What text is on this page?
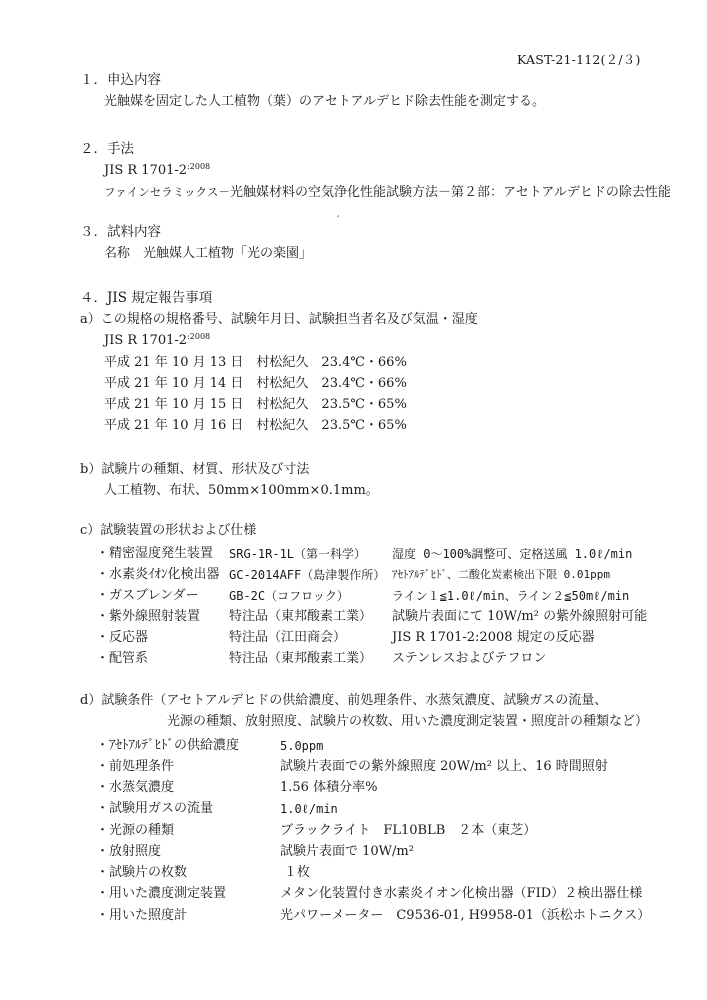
KAST-21-112(２/３)
１．申込内容
光触媒を固定した人工植物（葉）のアセトアルデヒド除去性能を測定する。
２．手法
JIS R $1701-2^{:2008}$
ファインセラミックス－光触媒材料の空気浄化性能試験方法－第２部：アセトアルデヒドの除去性能
′
３．試料内容
名称　光触媒人工植物「光の楽園」
４．JIS 規定報告事項
a）この規格の規格番号、試験年月日、試験担当者名及び気温・湿度
JIS R $1701-2^{:2008}$
平成 21 年 10 月 13 日　村松紀久　23.4℃・66%
平成 21 年 10 月 14 日　村松紀久　23.4℃・66%
平成 21 年 10 月 15 日　村松紀久　23.5℃・65%
平成 21 年 10 月 16 日　村松紀久　23.5℃・65%
b）試験片の種類、材質、形状及び寸法
人工植物、布状、50mm×100mm×0.1mm。
c）試験装置の形状および仕様
・精密湿度発生装置 SRG-1R-1L（第一科学） 湿度 0～100%調整可、定格送風 1.0ℓ/min
・水素炎ｲｵﾝ化検出器 GC-2014AFF（島津製作所） ｱｾﾄｱﾙﾃﾞﾋﾄﾞ、二酸化炭素検出下限 0.01ppm
・ガスブレンダー	GB-2C（コフロック）	ライン１≦1.0ℓ/min、ライン２≦50mℓ/min
・紫外線照射装置 特注品（東邦酸素工業） 試験片表面にて 10W/m² の紫外線照射可能
・反応器	特注品（江田商会）	JIS R 1701-2:2008 規定の反応器
・配管系	特注品（東邦酸素工業） ステンレスおよびテフロン
d）試験条件（アセトアルデヒドの供給濃度、前処理条件、水蒸気濃度、試験ガスの流量、
光源の種類、放射照度、試験片の枚数、用いた濃度測定装置・照度計の種類など）
・ｱｾﾄｱﾙﾃﾞﾋﾄﾞの供給濃度	5.0ppm
・前処理条件	試験片表面での紫外線照度 20W/m² 以上、16 時間照射
・水蒸気濃度	1.56 体積分率%
・試験用ガスの流量	1.0ℓ/min
・光源の種類	ブラックライト　FL10BLB　２本（東芝）
・放射照度	試験片表面で 10W/m²
・試験片の枚数	１枚
・用いた濃度測定装置	メタン化装置付き水素炎イオン化検出器（FID）２検出器仕様
・用いた照度計	光パワーメーター　C9536-01, H9958-01（浜松ホトニクス）
